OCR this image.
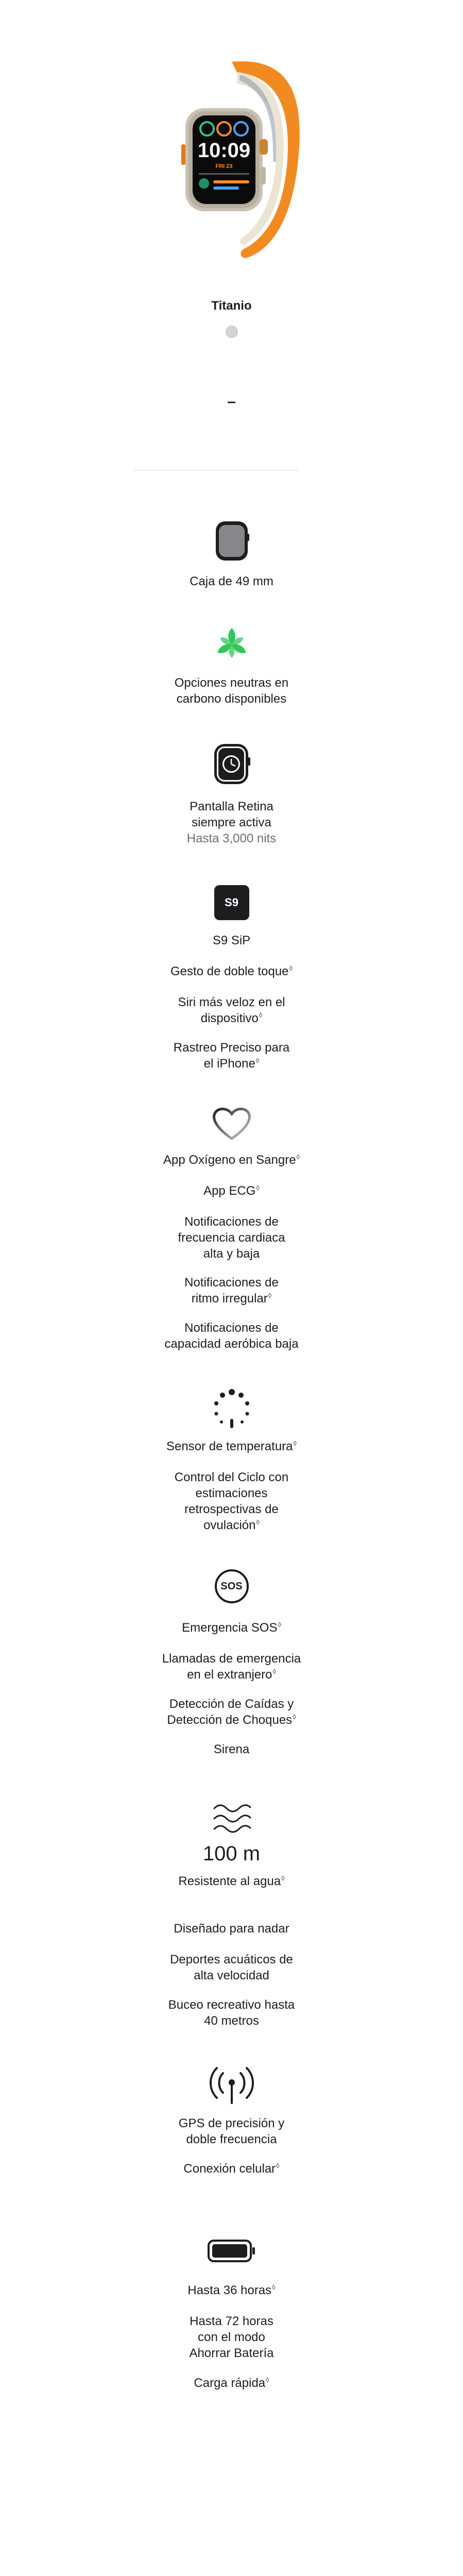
10:09
FRI 23
Titanio
–
Caja de 49 mm
Opciones neutras en
carbono disponibles
Pantalla Retina
siempre activa
Hasta 3,000 nits
S9
S9 SiP
Gesto de doble toque◊
Siri más veloz en el
dispositivo◊
Rastreo Preciso para
el iPhone◊
App Oxígeno en Sangre◊
App ECG◊
Notificaciones de
frecuencia cardiaca
alta y baja
Notificaciones de
ritmo irregular◊
Notificaciones de
capacidad aeróbica baja
Sensor de temperatura◊
Control del Ciclo con
estimaciones
retrospectivas de
ovulación◊
SOS
Emergencia SOS◊
Llamadas de emergencia
en el extranjero◊
Detección de Caídas y
Detección de Choques◊
Sirena
100 m
Resistente al agua◊
Diseñado para nadar
Deportes acuáticos de
alta velocidad
Buceo recreativo hasta
40 metros
GPS de precisión y
doble frecuencia
Conexión celular◊
Hasta 36 horas◊
Hasta 72 horas
con el modo
Ahorrar Batería
Carga rápida◊
